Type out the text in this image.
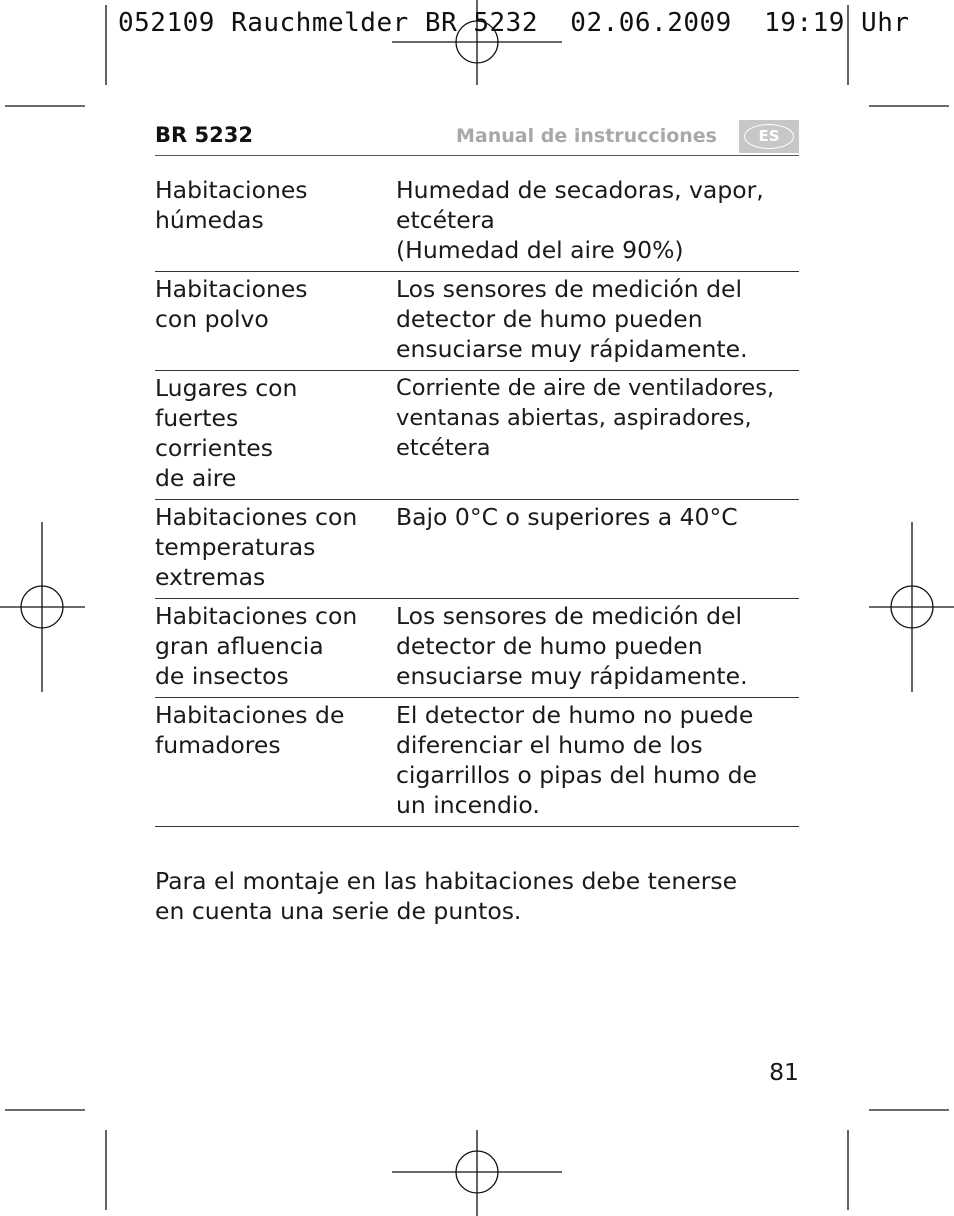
052109 Rauchmelder BR 5232  02.06.2009  19:19 Uhr
BR 5232	Manual de instrucciones	ES
Habitaciones
húmedas
Humedad de secadoras, vapor,
etcétera
(Humedad del aire 90%)
Habitaciones
con polvo
Los sensores de medición del
detector de humo pueden
ensuciarse muy rápidamente.
Lugares con
fuertes
corrientes
de aire
Corriente de aire de ventiladores,
ventanas abiertas, aspiradores,
etcétera
Habitaciones con
temperaturas
extremas
Bajo 0°C o superiores a 40°C
Habitaciones con
gran afluencia
de insectos
Los sensores de medición del
detector de humo pueden
ensuciarse muy rápidamente.
Habitaciones de
fumadores
El detector de humo no puede
diferenciar el humo de los
cigarrillos o pipas del humo de
un incendio.
Para el montaje en las habitaciones debe tenerse
en cuenta una serie de puntos.
81
